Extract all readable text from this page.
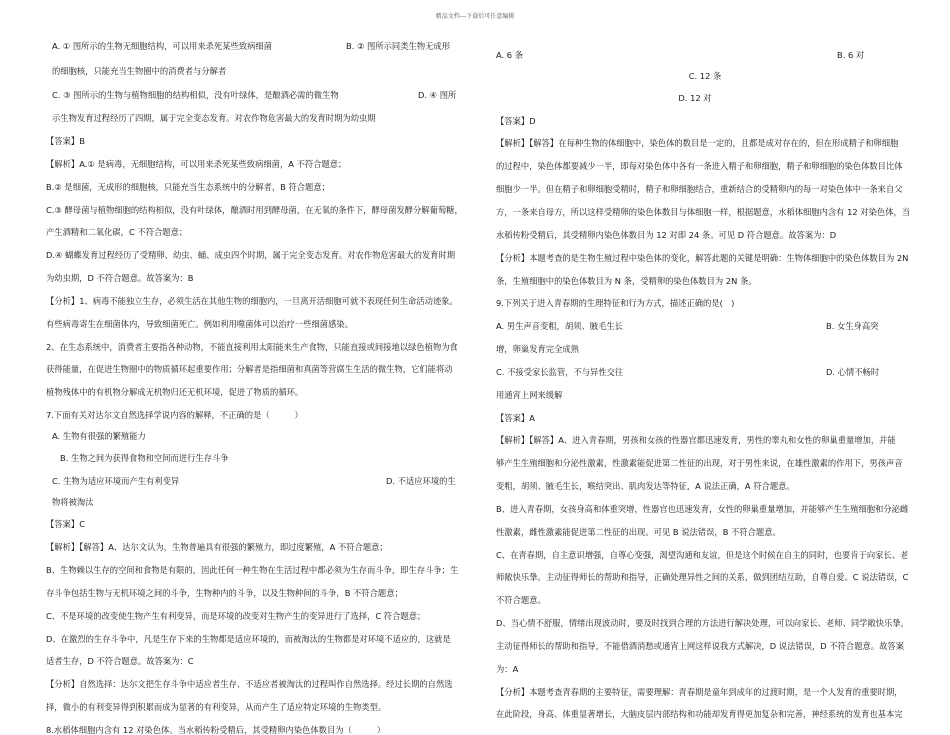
精品文档---下载后可任意编辑
A. ① 图所示的生物无细胞结构，可以用来杀死某些致病细菌	B. ② 图所示同类生物无成形
的细胞核，只能充当生物圈中的消费者与分解者
C. ③ 图所示的生物与植物细胞的结构相似，没有叶绿体，是酿酒必需的微生物	D. ④ 图所
示生物发育过程经历了四期，属于完全变态发育。对农作物危害最大的发育时期为幼虫期
【答案】B
【解析】A.① 是病毒，无细胞结构，可以用来杀死某些致病细菌，A 不符合题意；
B.② 是细菌，无成形的细胞核，只能充当生态系统中的分解者，B 符合题意；
C.③ 酵母菌与植物细胞的结构相似，没有叶绿体，酿酒时用到酵母菌，在无氧的条件下，酵母菌发酵分解葡萄糖，
产生酒精和二氧化碳，C 不符合题意；
D.④ 蝴蝶发育过程经历了受精卵、幼虫、蛹、成虫四个时期，属于完全变态发育。对农作物危害最大的发育时期
为幼虫期，D 不符合题意。故答案为：B
【分析】1、病毒不能独立生存，必须生活在其他生物的细胞内，一旦离开活细胞可就不表现任何生命活动迹象。
有些病毒寄生在细菌体内，导致细菌死亡。例如利用噬菌体可以治疗一些细菌感染。
2、在生态系统中，消费者主要指各种动物，不能直接利用太阳能来生产食物，只能直接或间接地以绿色植物为食
获得能量，在促进生物圈中的物质循环起重要作用；分解者是指细菌和真菌等营腐生生活的微生物，它们能将动
植物残体中的有机物分解成无机物归还无机环境，促进了物质的循环。
7.下面有关对达尔文自然选择学说内容的解释，不正确的是（　　　）
A. 生物有很强的繁殖能力
B. 生物之间为获得食物和空间而进行生存斗争
C. 生物为适应环境而产生有利变异	D. 不适应环境的生
物将被淘汰
【答案】C
【解析】【解答】A、达尔文认为，生物普遍具有很强的繁殖力，即过度繁殖，A 不符合题意；
B、生物赖以生存的空间和食物是有限的，因此任何一种生物在生活过程中都必须为生存而斗争，即生存斗争；生
存斗争包括生物与无机环境之间的斗争，生物种内的斗争，以及生物种间的斗争，B 不符合题意；
C、不是环境的改变使生物产生有利变异，而是环境的改变对生物产生的变异进行了选择，C 符合题意；
D、在激烈的生存斗争中，凡是生存下来的生物都是适应环境的，而被淘汰的生物都是对环境不适应的，这就是
适者生存，D 不符合题意。故答案为：C
【分析】自然选择：达尔文把生存斗争中适应者生存、不适应者被淘汰的过程叫作自然选择。经过长期的自然选
择，微小的有利变异得到积累而成为显著的有利变异，从而产生了适应特定环境的生物类型。
8.水稻体细胞内含有 12 对染色体。当水稻传粉受精后，其受精卵内染色体数目为（　　　）
A. 6 条	B. 6 对
C. 12 条
D. 12 对
【答案】D
【解析】【解答】在每种生物的体细胞中，染色体的数目是一定的，且都是成对存在的，但在形成精子和卵细胞
的过程中，染色体都要减少一半，即每对染色体中各有一条进入精子和卵细胞，精子和卵细胞的染色体数目比体
细胞少一半。但在精子和卵细胞受精时，精子和卵细胞结合，重新结合的受精卵内的每一对染色体中一条来自父
方，一条来自母方，所以这样受精卵的染色体数目与体细胞一样，根据题意，水稻体细胞内含有 12 对染色体，当
水稻传粉受精后，其受精卵内染色体数目为 12 对即 24 条。可见 D 符合题意。故答案为：D
【分析】本题考查的是生物生殖过程中染色体的变化，解答此题的关键是明确：生物体细胞中的染色体数目为 2N
条，生殖细胞中的染色体数目为 N 条，受精卵的染色体数目为 2N 条。
9.下列关于进入青春期的生理特征和行为方式，描述正确的是(　)
A. 男生声音变粗，胡须、腋毛生长	B. 女生身高突
增，卵巢发育完全成熟
C. 不接受家长监管，不与异性交往	D. 心情不畅时
用通宵上网来缓解
【答案】A
【解析】【解答】A、进入青春期，男孩和女孩的性器官都迅速发育，男性的睾丸和女性的卵巢重量增加，并能
够产生生殖细胞和分泌性激素，性激素能促进第二性征的出现，对于男性来说，在雄性激素的作用下，男孩声音
变粗，胡须、腋毛生长，喉结突出、肌肉发达等特征，A 说法正确，A 符合题意。
B、进入青春期，女孩身高和体重突增，性器官也迅速发育，女性的卵巢重量增加，并能够产生生殖细胞和分泌雌
性激素，雌性激素能促进第二性征的出现。可见 B 说法错误，B 不符合题意。
C、在青春期，自主意识增强，自尊心变强，渴望沟通和友谊，但是这个时候在自主的同时，也要肯于向家长、老
师敞快乐挚。主动征得师长的帮助和指导，正确处理异性之间的关系，做到团结互助，自尊自爱。C 说法错误，C
不符合题意。
D、当心情不舒服，情绪出现波动时，要及时找到合理的方法进行解决处理，可以向家长、老师、同学敞快乐挚，
主动征得师长的帮助和指导，不能借酒消愁或通宵上网这样说我方式解决，D 说法错误，D 不符合题意。故答案
为：A
【分析】本题考查青春期的主要特征，需要理解：青春期是童年到成年的过渡时期，是一个人发育的重要时期，
在此阶段，身高、体重显著增长，大脑皮层内部结构和功能却发育得更加复杂和完善，神经系统的发育也基本完
